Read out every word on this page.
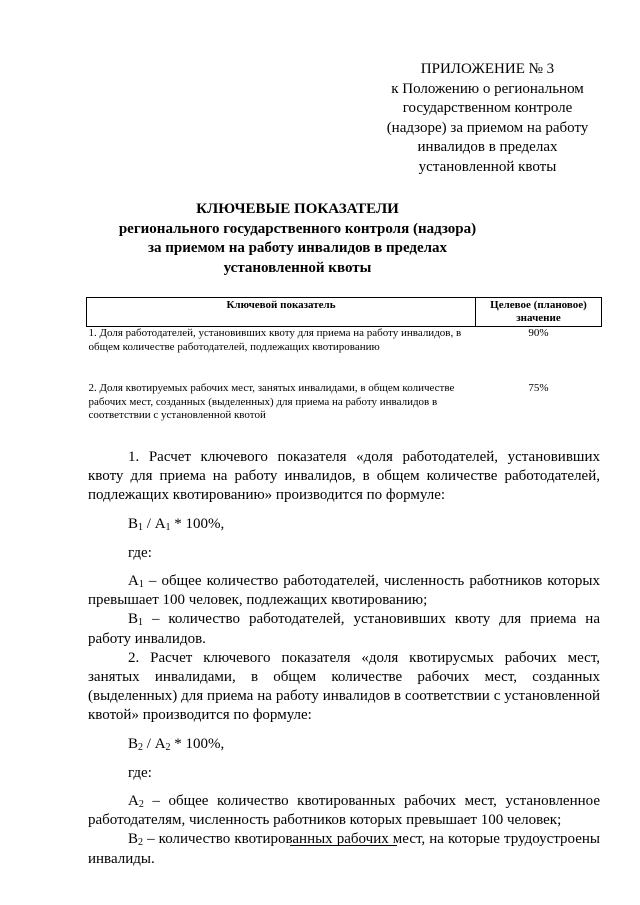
ПРИЛОЖЕНИЕ № 3
к Положению о региональном
государственном контроле
(надзоре) за приемом на работу
инвалидов в пределах
установленной квоты
КЛЮЧЕВЫЕ ПОКАЗАТЕЛИ
регионального государственного контроля (надзора)
за приемом на работу инвалидов в пределах
установленной квоты
Ключевой показатель	Целевое (плановое) значение
1. Доля работодателей, установивших квоту для приема на работу инвалидов, в общем количестве работодателей, подлежащих квотированию	90%
2. Доля квотируемых рабочих мест, занятых инвалидами, в общем количестве рабочих мест, созданных (выделенных) для приема на работу инвалидов в соответствии с установленной квотой	75%

1. Расчет ключевого показателя «доля работодателей, установивших квоту для приема на работу инвалидов, в общем количестве работодателей, подлежащих квотированию» производится по формуле:

$В_1 / А_1 * 100\%$,

где:

$А_1$ – общее количество работодателей, численность работников которых превышает 100 человек, подлежащих квотированию;

$В_1$ – количество работодателей, установивших квоту для приема на работу инвалидов.

2. Расчет ключевого показателя «доля квотирусмых рабочих мест, занятых инвалидами, в общем количестве рабочих мест, созданных (выделенных) для приема на работу инвалидов в соответствии с установленной квотой» производится по формуле:

$В_2 / А_2 * 100\%$,

где:

$А_2$ – общее количество квотированных рабочих мест, установленное работодателям, численность работников которых превышает 100 человек;

$В_2$ – количество квотированных рабочих мест, на которые трудоустроены инвалиды.
